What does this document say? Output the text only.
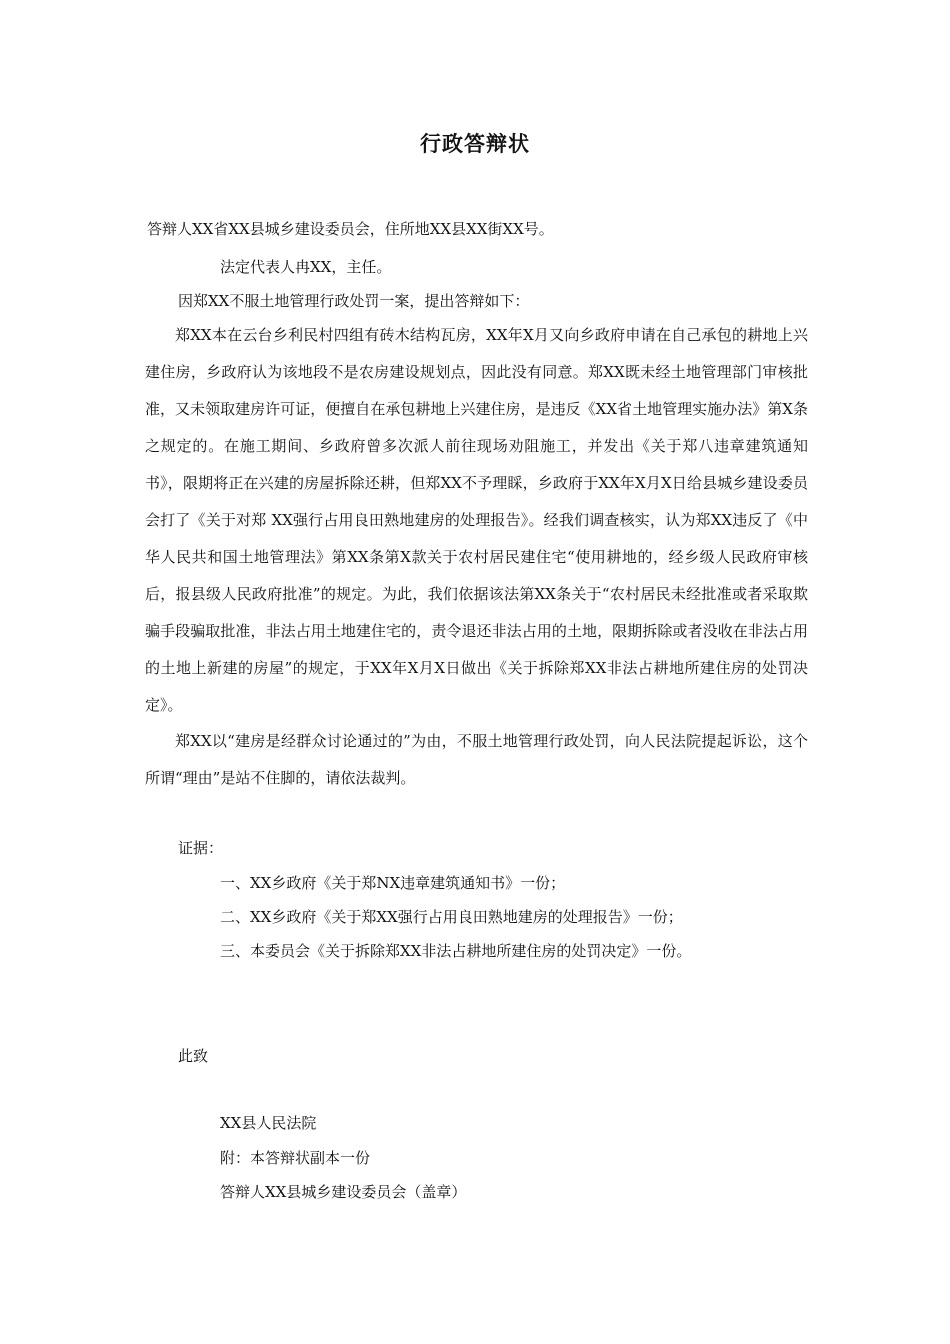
行政答辩状
答辩人XX省XX县城乡建设委员会，住所地XX县XX街XX号。
法定代表人冉XX，主任。
因郑XX不服土地管理行政处罚一案，提出答辩如下：

郑XX本在云台乡利民村四组有砖木结构瓦房，XX年X月又向乡政府申请在自己承包的耕地上兴建住房，乡政府认为该地段不是农房建设规划点，因此没有同意。郑XX既未经土地管理部门审核批准，又未领取建房许可证，便擅自在承包耕地上兴建住房，是违反《XX省土地管理实施办法》第X条之规定的。在施工期间、乡政府曾多次派人前往现场劝阻施工，并发出《关于郑八违章建筑通知书》，限期将正在兴建的房屋拆除还耕，但郑XX不予理睬，乡政府于XX年X月X日给县城乡建设委员会打了《关于对郑 XX强行占用良田熟地建房的处理报告》。经我们调查核实，认为郑XX违反了《中华人民共和国土地管理法》第XX条第X款关于农村居民建住宅“使用耕地的，经乡级人民政府审核后，报县级人民政府批准”的规定。为此，我们依据该法第XX条关于“农村居民未经批准或者采取欺骗手段骗取批准，非法占用土地建住宅的，责令退还非法占用的土地，限期拆除或者没收在非法占用的土地上新建的房屋”的规定，于XX年X月X日做出《关于拆除郑XX非法占耕地所建住房的处罚决定》。

郑XX以“建房是经群众讨论通过的”为由，不服土地管理行政处罚，向人民法院提起诉讼，这个所谓“理由”是站不住脚的，请依法裁判。

证据：
一、XX乡政府《关于郑NX违章建筑通知书》一份；
二、XX乡政府《关于郑XX强行占用良田熟地建房的处理报告》一份；
三、本委员会《关于拆除郑XX非法占耕地所建住房的处罚决定》一份。
此致
XX县人民法院
附：本答辩状副本一份
答辩人XX县城乡建设委员会（盖章）
